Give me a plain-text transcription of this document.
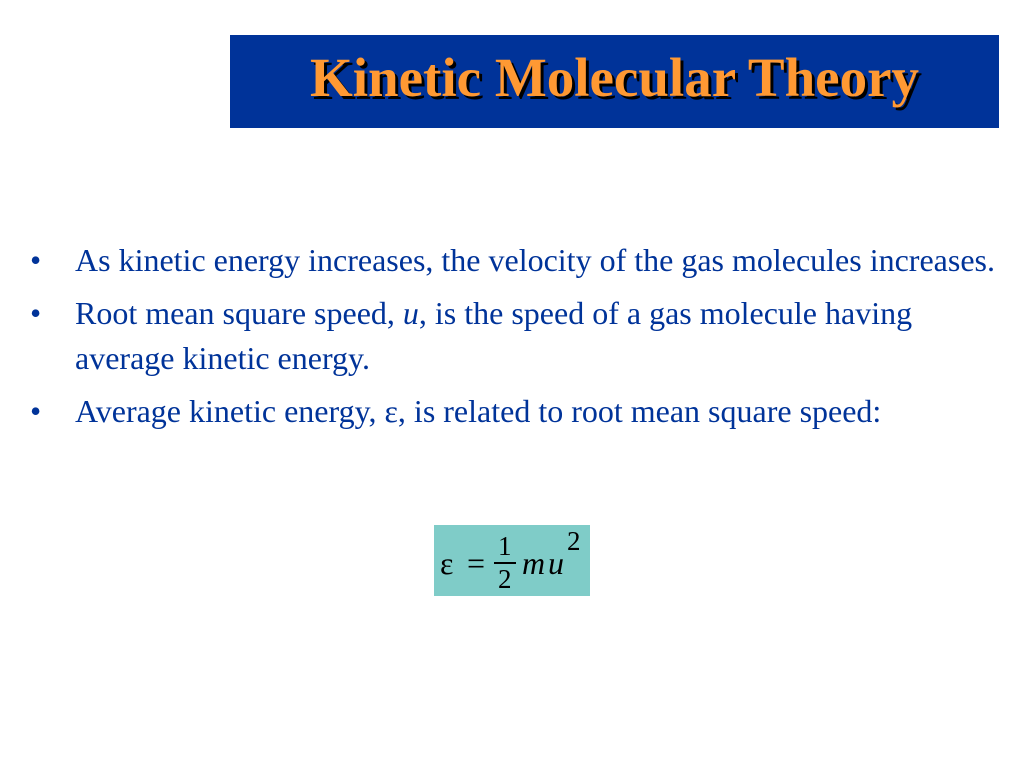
Kinetic Molecular Theory
•	As kinetic energy increases, the velocity of the gas molecules increases.
•	Root mean square speed, u, is the speed of a gas molecule having average kinetic energy.
•	Average kinetic energy, ε, is related to root mean square speed:
ε = 1
2 m u
2
